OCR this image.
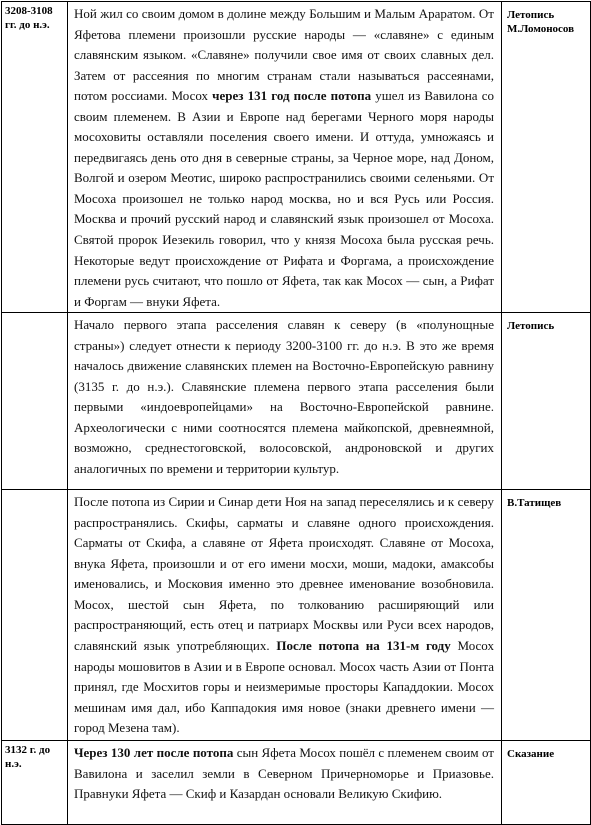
3208-3108 гг. до н.э.	Ной жил со своим домом в долине между Большим и Малым Араратом. От Яфетова племени произошли русские народы — «славяне» с единым славянским языком. «Славяне» получили свое имя от своих славных дел. Затем от рассеяния по многим странам стали называться рассеянами, потом россиами. Мосох через 131 год после потопа ушел из Вавилона со своим племенем. В Азии и Европе над берегами Черного моря народы мосоховиты оставляли поселения своего имени. И оттуда, умножаясь и передвигаясь день ото дня в северные страны, за Черное море, над Доном, Волгой и озером Меотис, широко распространились своими селеньями. От Мосоха произошел не только народ москва, но и вся Русь или Россия. Москва и прочий русский народ и славянский язык произошел от Мосоха. Святой пророк Иезекиль говорил, что у князя Мосоха была русская речь. Некоторые ведут происхождение от Рифата и Форгама, а происхождение племени русь считают, что пошло от Яфета, так как Мосох — сын, а Рифат и Форгам — внуки Яфета.	Летопись М.Ломоносов
	Начало первого этапа расселения славян к северу (в «полунощные страны») следует отнести к периоду 3200-3100 гг. до н.э. В это же время началось движение славянских племен на Восточно-Европейскую равнину (3135 г. до н.э.). Славянские племена первого этапа расселения были первыми «индоевропейцами» на Восточно-Европейской равнине. Археологически с ними соотносятся племена майкопской, древнеямной, возможно, среднестоговской, волосовской, андроновской и других аналогичных по времени и территории культур.	Летопись
	После потопа из Сирии и Синар дети Ноя на запад переселялись и к северу распространялись. Скифы, сарматы и славяне одного происхождения. Сарматы от Скифа, а славяне от Яфета происходят. Славяне от Мосоха, внука Яфета, произошли и от его имени мосхи, моши, мадоки, амаксобы именовались, и Московия именно это древнее именование возобновила. Мосох, шестой сын Яфета, по толкованию расширяющий или распространяющий, есть отец и патриарх Москвы или Руси всех народов, славянский язык употребляющих. После потопа на 131-м году Мосох народы мошовитов в Азии и в Европе основал. Мосох часть Азии от Понта принял, где Мосхитов горы и неизмеримые просторы Кападдокии. Мосох мешинам имя дал, ибо Каппадокия имя новое (знаки древнего имени — город Мезена там).	В.Татищев
3132 г. до н.э.	Через 130 лет после потопа сын Яфета Мосох пошёл с племенем своим от Вавилона и заселил земли в Северном Причерноморье и Приазовье. Правнуки Яфета — Скиф и Казардан основали Великую Скифию.	Сказание
